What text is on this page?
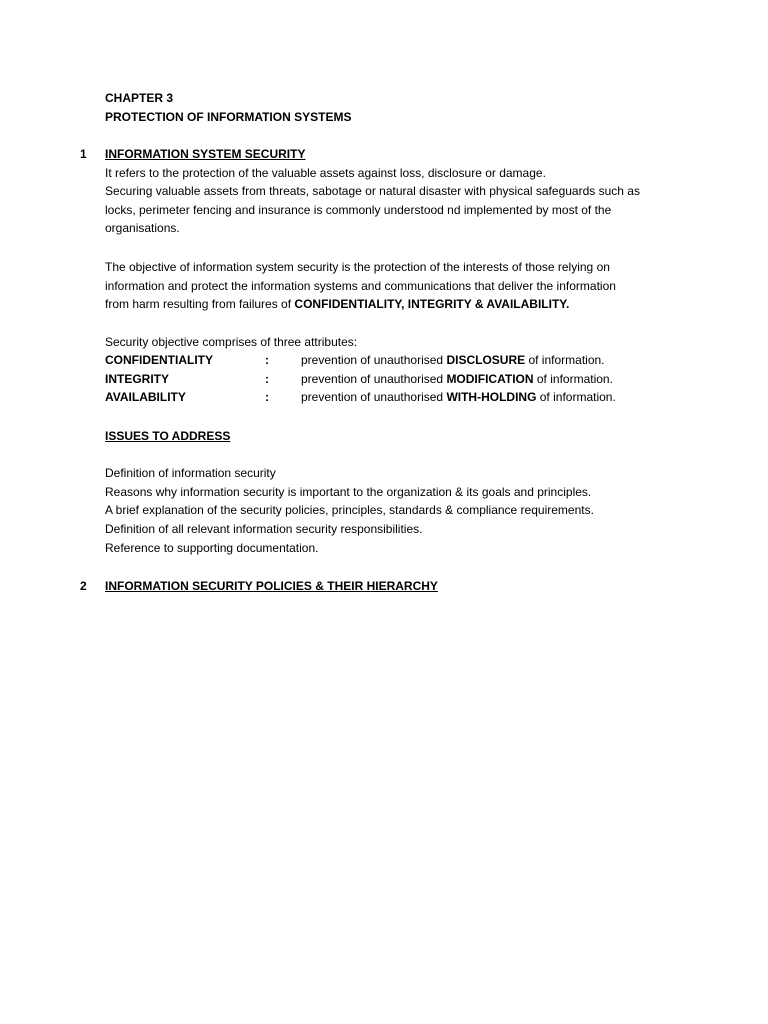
CHAPTER 3
PROTECTION OF INFORMATION SYSTEMS
1 INFORMATION SYSTEM SECURITY
It refers to the protection of the valuable assets against loss, disclosure or damage.
Securing valuable assets from threats, sabotage or natural disaster with physical safeguards such as
locks, perimeter fencing and insurance is commonly understood nd implemented by most of the
organisations.
The objective of information system security is the protection of the interests of those relying on
information and protect the information systems and communications that deliver the information
from harm resulting from failures of CONFIDENTIALITY, INTEGRITY & AVAILABILITY.
Security objective comprises of three attributes:
CONFIDENTIALITY	:	prevention of unauthorised DISCLOSURE of information.
INTEGRITY	:	prevention of unauthorised MODIFICATION of information.
AVAILABILITY	:	prevention of unauthorised WITH-HOLDING of information.
ISSUES TO ADDRESS
Definition of information security
Reasons why information security is important to the organization & its goals and principles.
A brief explanation of the security policies, principles, standards & compliance requirements.
Definition of all relevant information security responsibilities.
Reference to supporting documentation.
2 INFORMATION SECURITY POLICIES & THEIR HIERARCHY
